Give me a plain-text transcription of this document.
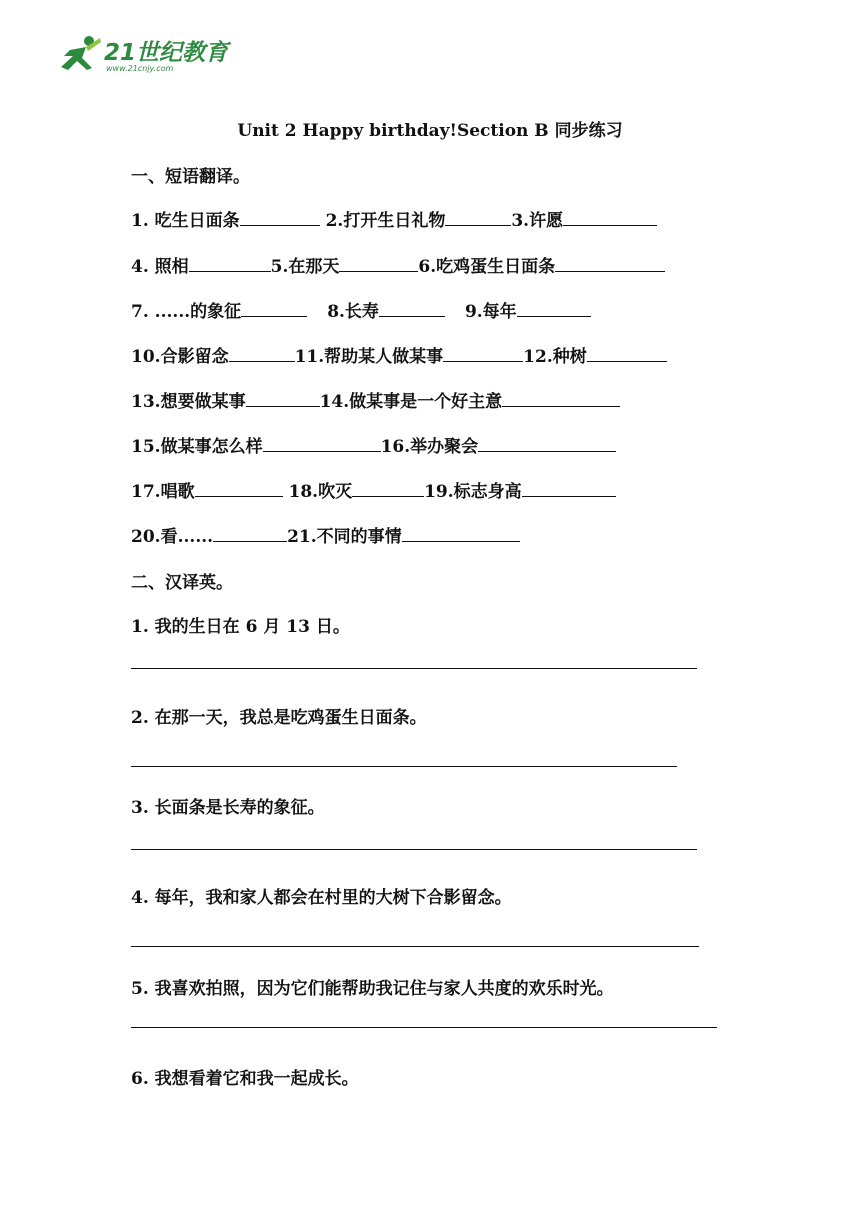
21世纪教育
www.21cnjy.com
Unit 2 Happy birthday!Section B 同步练习
一、短语翻译。
1. 吃生日面条	2.打开生日礼物	3.许愿
4. 照相	5.在那天	6.吃鸡蛋生日面条
7. ......的象征	8.长寿	9.每年
10.合影留念	11.帮助某人做某事	12.种树
13.想要做某事	14.做某事是一个好主意
15.做某事怎么样	16.举办聚会
17.唱歌	18.吹灭	19.标志身高
20.看......	21.不同的事情
二、汉译英。
1. 我的生日在 6 月 13 日。
2. 在那一天，我总是吃鸡蛋生日面条。
3. 长面条是长寿的象征。
4. 每年，我和家人都会在村里的大树下合影留念。
5. 我喜欢拍照，因为它们能帮助我记住与家人共度的欢乐时光。
6. 我想看着它和我一起成长。
